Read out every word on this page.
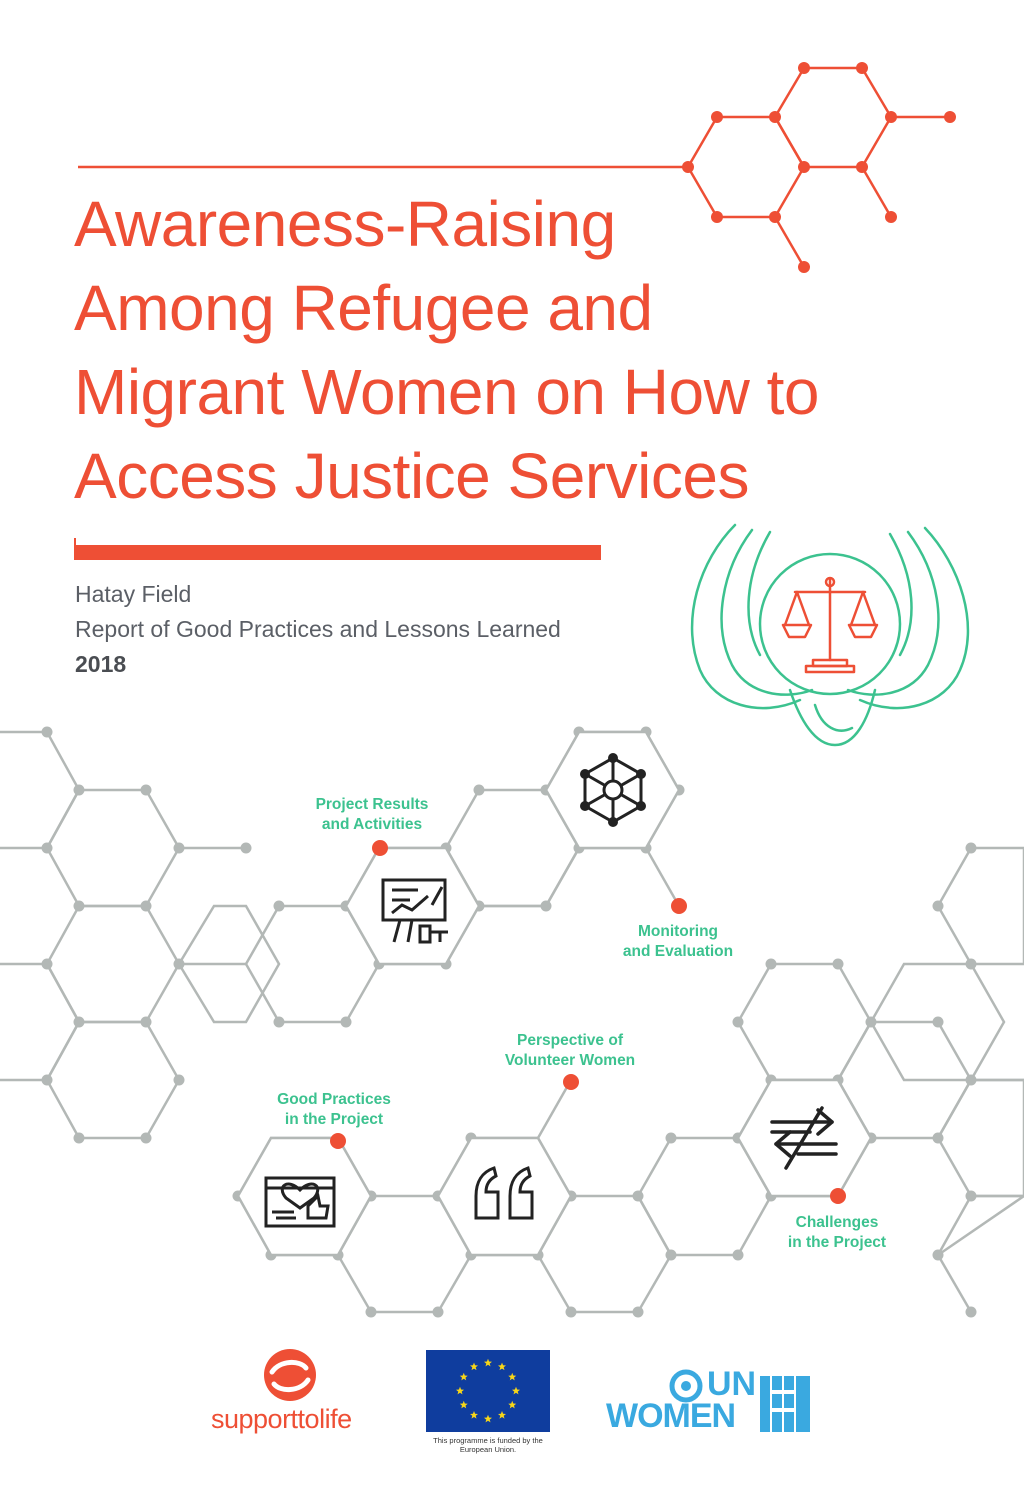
Awareness-Raising
Among Refugee and
Migrant Women on How to
Access Justice Services
Hatay Field
Report of Good Practices and Lessons Learned
2018
Project Results
and Activities
Monitoring
and Evaluation
Perspective of
Volunteer Women
Good Practices
in the Project
Challenges
in the Project
supporttolife
This programme is funded by the European Union.
UN
WOMEN
